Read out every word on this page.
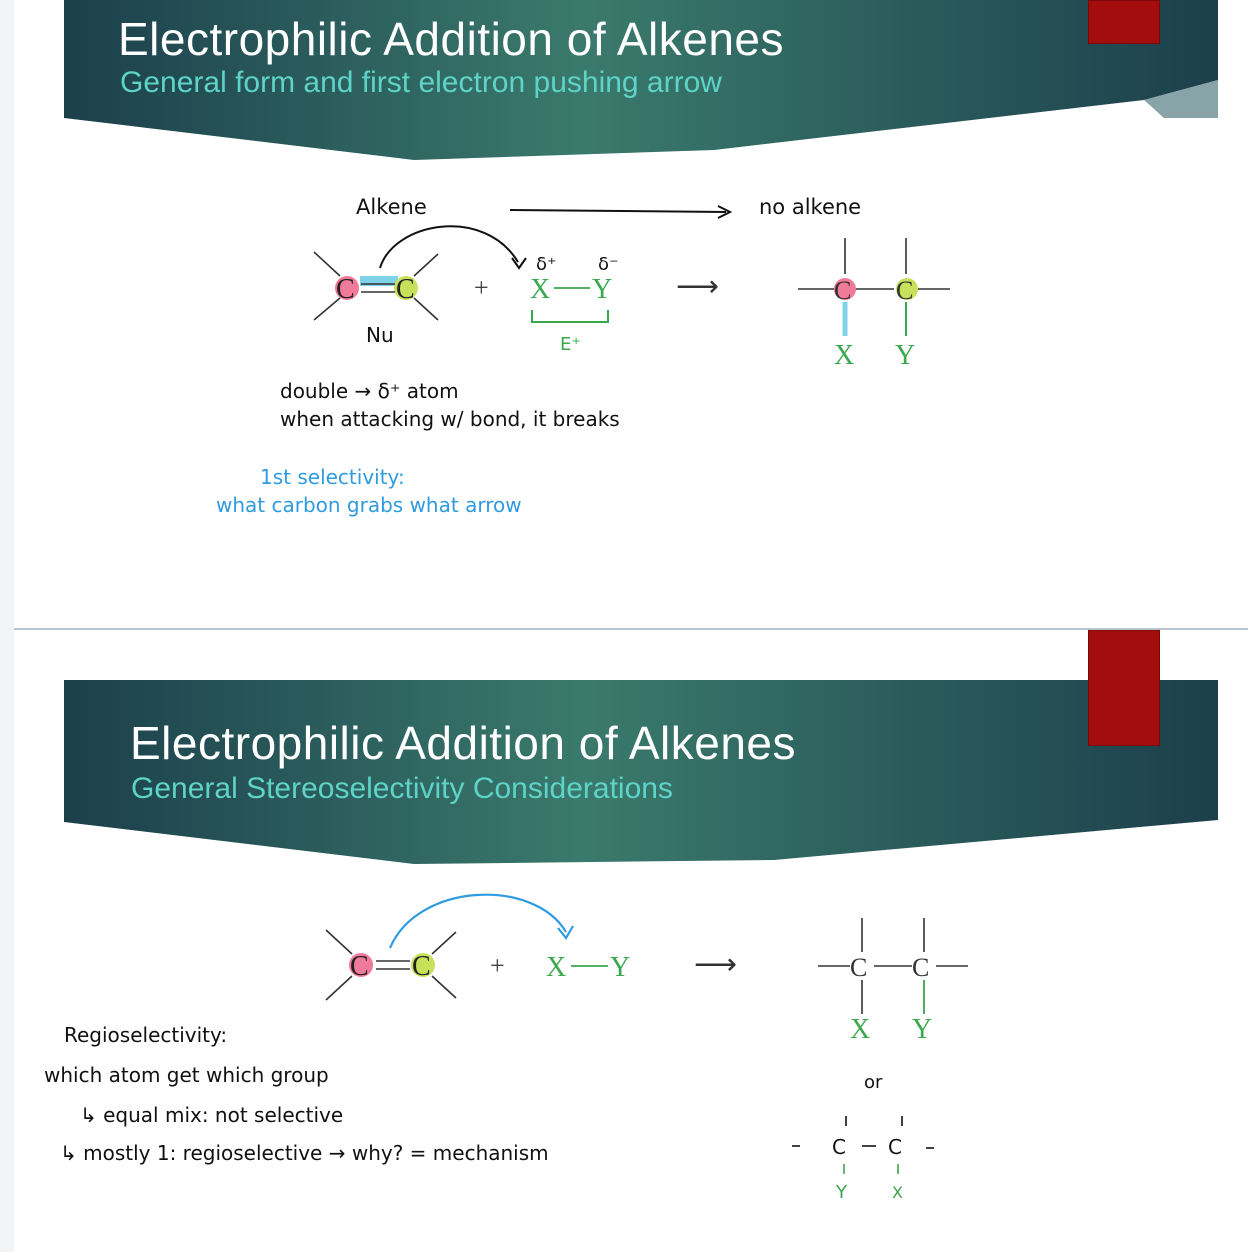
Electrophilic Addition of Alkenes
General form and first electron pushing arrow
Alkene	no alkene
C C
Nu
+
δ⁺ δ⁻
X Y
E⁺
⟶	C C
X Y
double → δ⁺ atom
when attacking w/ bond, it breaks
1st selectivity:
what carbon grabs what arrow
Electrophilic Addition of Alkenes
General Stereoselectivity Considerations
C C + X Y ⟶	C C
X Y
or
C C
Y	X
Regioselectivity:
which atom get which group
↳ equal mix: not selective
↳ mostly 1: regioselective → why? = mechanism
